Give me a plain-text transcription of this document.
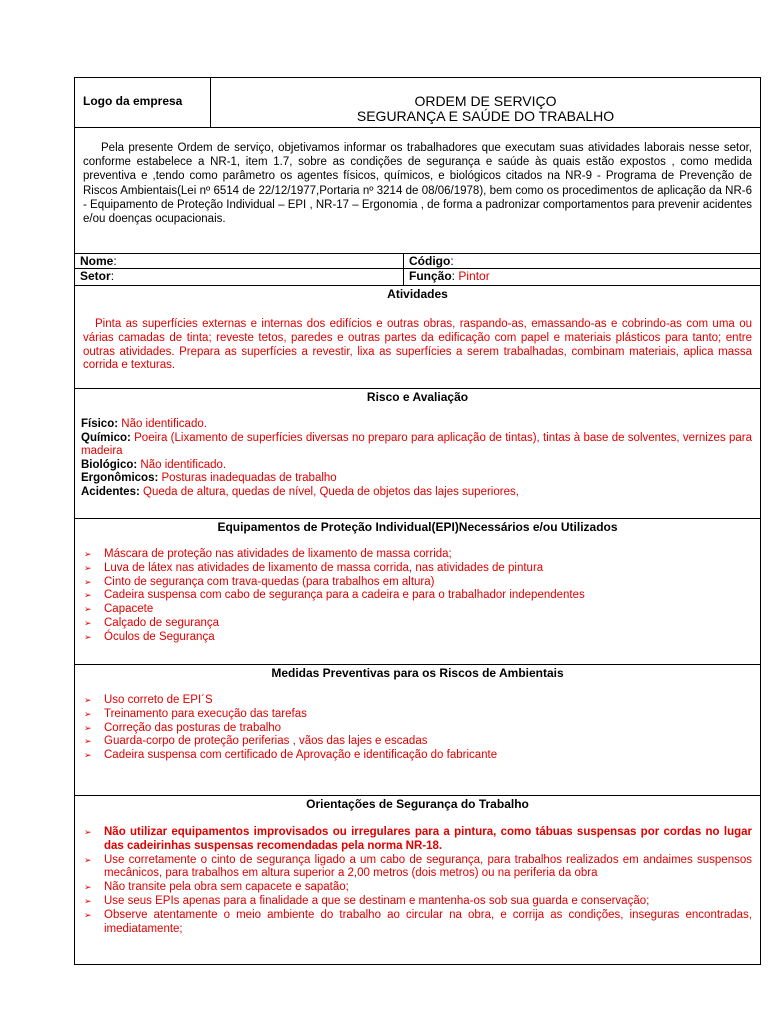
Logo da empresa	ORDEM DE SERVIÇO
SEGURANÇA E SAÚDE DO TRABALHO

Pela presente Ordem de serviço, objetivamos informar os trabalhadores que executam suas atividades laborais nesse setor, conforme estabelece a NR-1, item 1.7, sobre as condições de segurança e saúde às quais estão expostos , como medida preventiva e ,tendo como parâmetro os agentes físicos, químicos, e biológicos citados na NR-9 - Programa de Prevenção de Riscos Ambientais(Lei nº 6514 de 22/12/1977,Portaria nº 3214 de 08/06/1978), bem como os procedimentos de aplicação da NR-6 - Equipamento de Proteção Individual – EPI , NR-17 – Ergonomia , de forma a padronizar comportamentos para prevenir acidentes e/ou doenças ocupacionais.

Nome:	Código:
Setor:	Função: Pintor
Atividades
Pinta as superfícies externas e internas dos edifícios e outras obras, raspando-as, emassando-as e cobrindo-as com uma ou várias camadas de tinta; reveste tetos, paredes e outras partes da edificação com papel e materiais plásticos para tanto; entre outras atividades. Prepara as superfícies a revestir, lixa as superfícies a serem trabalhadas, combinam materiais, aplica massa corrida e texturas.
Risco e Avaliação
Físico: Não identificado.
Químico: Poeira (Lixamento de superfícies diversas no preparo para aplicação de tintas), tintas à base de solventes, vernizes para madeira
Biológico: Não identificado.
Ergonômicos: Posturas inadequadas de trabalho
Acidentes: Queda de altura, quedas de nível, Queda de objetos das lajes superiores,
Equipamentos de Proteção Individual(EPI)Necessários e/ou Utilizados
➢ Máscara de proteção nas atividades de lixamento de massa corrida;
➢ Luva de látex nas atividades de lixamento de massa corrida, nas atividades de pintura
➢ Cinto de segurança com trava-quedas (para trabalhos em altura)
➢ Cadeira suspensa com cabo de segurança para a cadeira e para o trabalhador independentes
➢ Capacete
➢ Calçado de segurança
➢ Óculos de Segurança
Medidas Preventivas para os Riscos de Ambientais
➢ Uso correto de EPI´S
➢ Treinamento para execução das tarefas
➢ Correção das posturas de trabalho
➢ Guarda-corpo de proteção periferias , vãos das lajes e escadas
➢ Cadeira suspensa com certificado de Aprovação e identificação do fabricante
Orientações de Segurança do Trabalho
➢ Não utilizar equipamentos improvisados ou irregulares para a pintura, como tábuas suspensas por cordas no lugar das cadeirinhas suspensas recomendadas pela norma NR-18.
➢ Use corretamente o cinto de segurança ligado a um cabo de segurança, para trabalhos realizados em andaimes suspensos mecânicos, para trabalhos em altura superior a 2,00 metros (dois metros) ou na periferia da obra
➢ Não transite pela obra sem capacete e sapatão;
➢ Use seus EPIs apenas para a finalidade a que se destinam e mantenha-os sob sua guarda e conservação;
➢ Observe atentamente o meio ambiente do trabalho ao circular na obra, e corrija as condições, inseguras encontradas, imediatamente;
